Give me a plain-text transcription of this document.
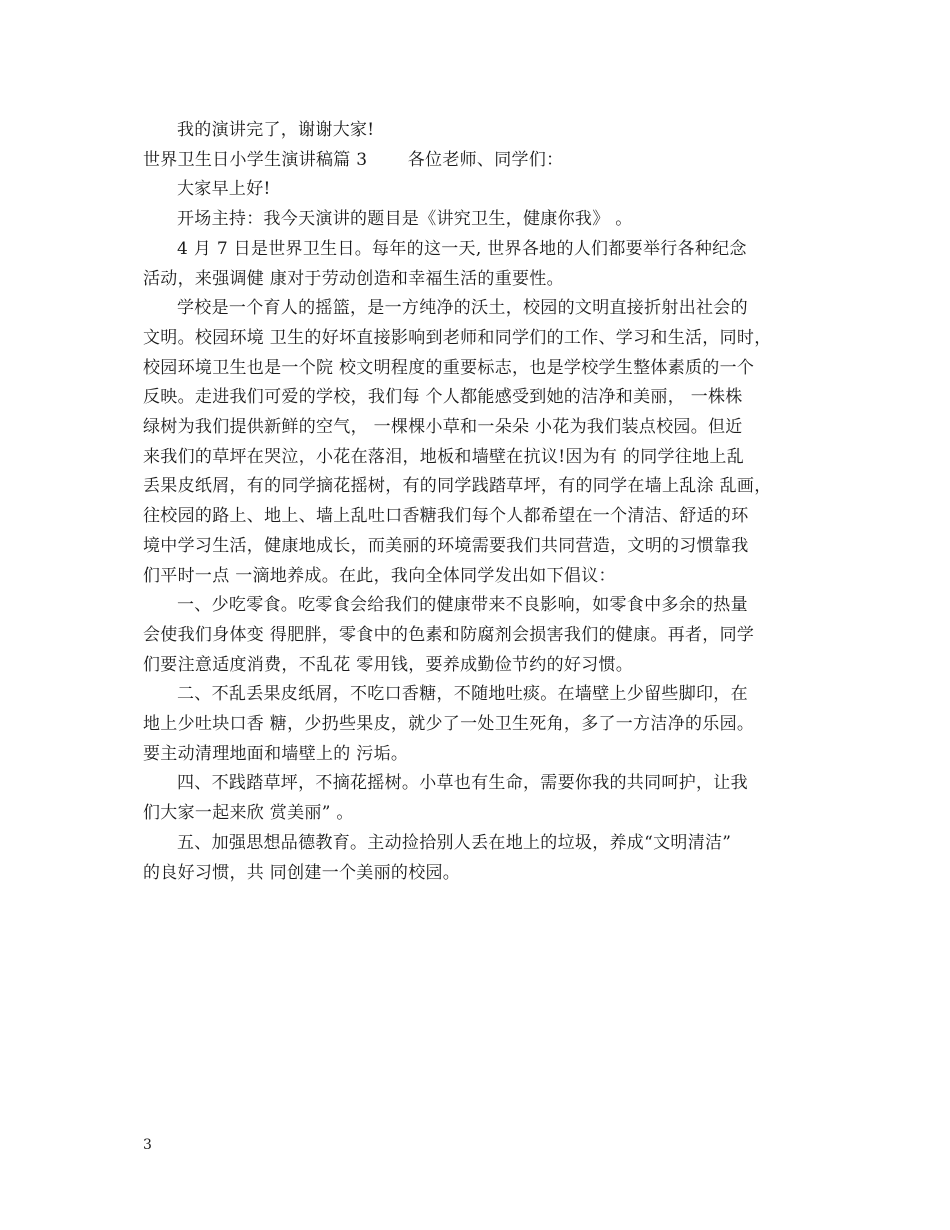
我的演讲完了，谢谢大家!
世界卫生日小学生演讲稿篇 3　　 各位老师、同学们：
大家早上好!
开场主持：我今天演讲的题目是《讲究卫生，健康你我》 。
4 月 7 日是世界卫生日。每年的这一天, 世界各地的人们都要举行各种纪念
活动，来强调健 康对于劳动创造和幸福生活的重要性。
学校是一个育人的摇篮，是一方纯净的沃土，校园的文明直接折射出社会的
文明。校园环境 卫生的好坏直接影响到老师和同学们的工作、学习和生活，同时，
校园环境卫生也是一个院 校文明程度的重要标志，也是学校学生整体素质的一个
反映。走进我们可爱的学校，我们每 个人都能感受到她的洁净和美丽， 一株株
绿树为我们提供新鲜的空气， 一棵棵小草和一朵朵 小花为我们装点校园。但近
来我们的草坪在哭泣，小花在落泪，地板和墙壁在抗议!因为有 的同学往地上乱
丢果皮纸屑，有的同学摘花摇树，有的同学践踏草坪，有的同学在墙上乱涂 乱画，
往校园的路上、地上、墙上乱吐口香糖我们每个人都希望在一个清洁、舒适的环
境中学习生活，健康地成长，而美丽的环境需要我们共同营造，文明的习惯靠我
们平时一点 一滴地养成。在此，我向全体同学发出如下倡议：
一、少吃零食。吃零食会给我们的健康带来不良影响，如零食中多余的热量
会使我们身体变 得肥胖，零食中的色素和防腐剂会损害我们的健康。再者，同学
们要注意适度消费，不乱花 零用钱，要养成勤俭节约的好习惯。
二、不乱丢果皮纸屑，不吃口香糖，不随地吐痰。在墙壁上少留些脚印，在
地上少吐块口香 糖，少扔些果皮，就少了一处卫生死角，多了一方洁净的乐园。
要主动清理地面和墙壁上的 污垢。
四、不践踏草坪，不摘花摇树。小草也有生命，需要你我的共同呵护，让我
们大家一起来欣 赏美丽” 。
五、加强思想品德教育。主动捡拾别人丢在地上的垃圾，养成“文明清洁”
的良好习惯，共 同创建一个美丽的校园。
3
